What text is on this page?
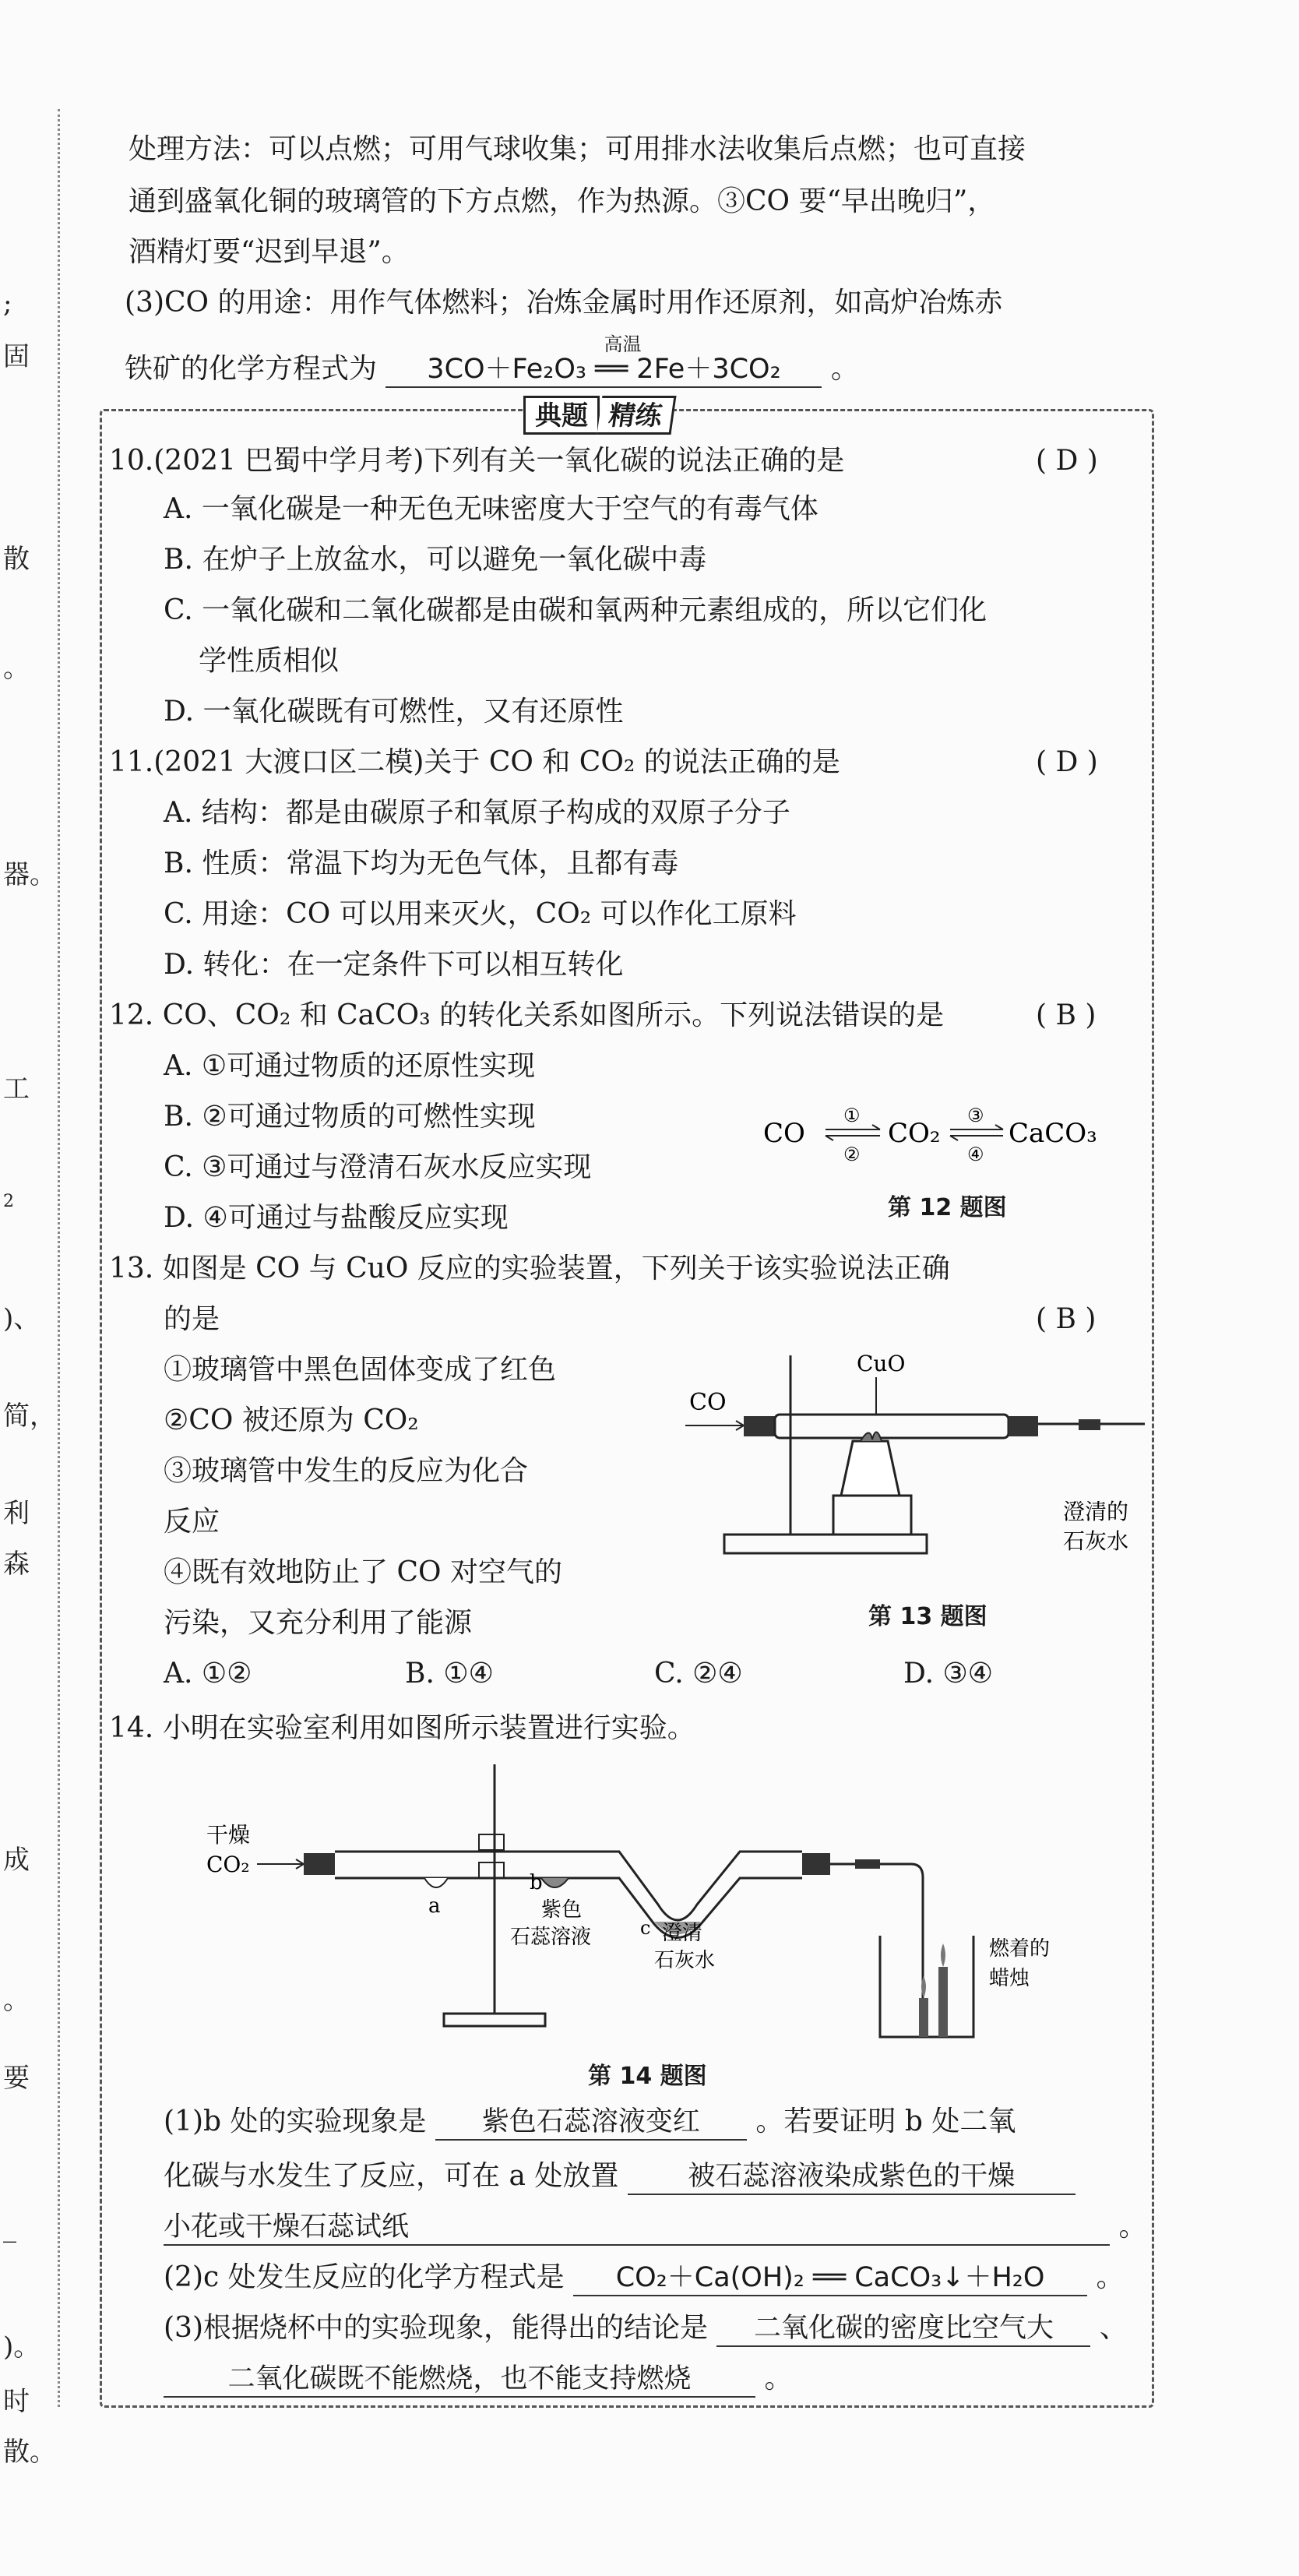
;
固
散
。
器。
工
2
)、
简，
利
森
成
。
要
_
)。
时
散。
处理方法：可以点燃；可用气球收集；可用排水法收集后点燃；也可直接
通到盛氧化铜的玻璃管的下方点燃，作为热源。③CO 要“早出晚归”，
酒精灯要“迟到早退”。
(3)CO 的用途：用作气体燃料；冶炼金属时用作还原剂，如高炉冶炼赤
铁矿的化学方程式为
高温
3CO＋Fe₂O₃ ══ 2Fe＋3CO₂ 。
典题 精练
10.(2021 巴蜀中学月考)下列有关一氧化碳的说法正确的是	( D )
A. 一氧化碳是一种无色无味密度大于空气的有毒气体
B. 在炉子上放盆水，可以避免一氧化碳中毒
C. 一氧化碳和二氧化碳都是由碳和氧两种元素组成的，所以它们化
学性质相似
D. 一氧化碳既有可燃性，又有还原性
11.(2021 大渡口区二模)关于 CO 和 CO₂ 的说法正确的是	( D )
A. 结构：都是由碳原子和氧原子构成的双原子分子
B. 性质：常温下均为无色气体，且都有毒
C. 用途：CO 可以用来灭火，CO₂ 可以作化工原料
D. 转化：在一定条件下可以相互转化
12. CO、CO₂ 和 CaCO₃ 的转化关系如图所示。下列说法错误的是	( B )
A. ①可通过物质的还原性实现
B. ②可通过物质的可燃性实现
C. ③可通过与澄清石灰水反应实现
D. ④可通过与盐酸反应实现
CO	CO₂	CaCO₃
①
②
③
④
第 12 题图
13. 如图是 CO 与 CuO 反应的实验装置，下列关于该实验说法正确
的是	( B )
①玻璃管中黑色固体变成了红色
②CO 被还原为 CO₂
③玻璃管中发生的反应为化合
反应
④既有效地防止了 CO 对空气的
污染，又充分利用了能源
A. ①②	B. ①④	C. ②④	D. ③④
CO
CuO
澄清的
石灰水
第 13 题图
14. 小明在实验室利用如图所示装置进行实验。
干燥
CO₂
a
b
紫色
石蕊溶液	c 澄清
石灰水	燃着的
蜡烛
第 14 题图
(1)b 处的实验现象是 紫色石蕊溶液变红 。若要证明 b 处二氧
化碳与水发生了反应，可在 a 处放置	被石蕊溶液染成紫色的干燥
小花或干燥石蕊试纸	。
(2)c 处发生反应的化学方程式是 CO₂＋Ca(OH)₂ ══ CaCO₃↓＋H₂O 。
(3)根据烧杯中的实验现象，能得出的结论是 二氧化碳的密度比空气大 、
二氧化碳既不能燃烧，也不能支持燃烧	。
